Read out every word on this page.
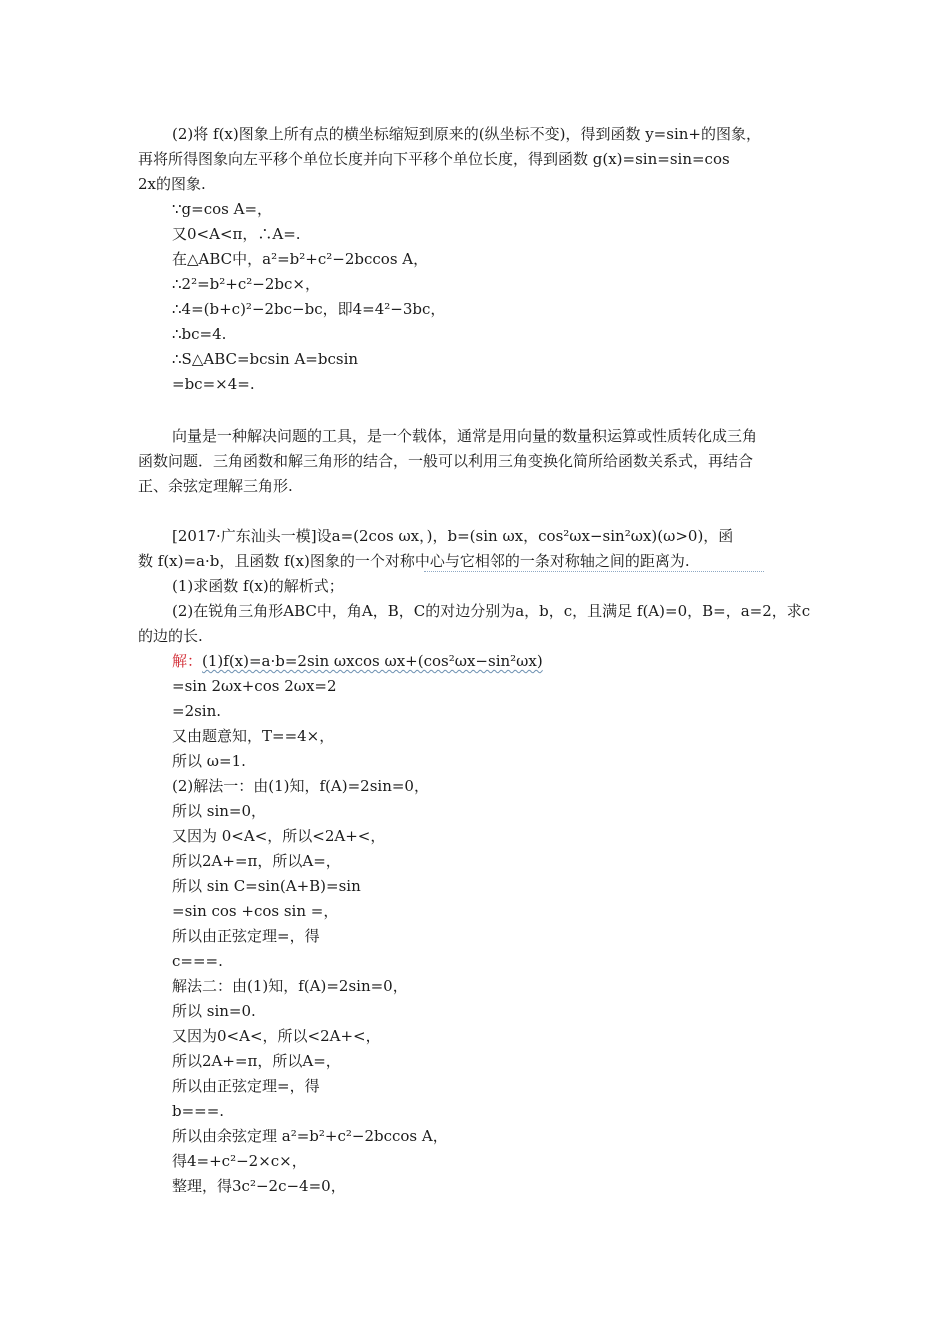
(2)将 f(x)图象上所有点的横坐标缩短到原来的(纵坐标不变)，得到函数 y=sin+的图象，
再将所得图象向左平移个单位长度并向下平移个单位长度，得到函数 g(x)=sin=sin=cos
2x的图象.
∵g=cos A=，
又0<A<π，∴A=.
在△ABC中，a²=b²+c²−2bccos A，
∴2²=b²+c²−2bc×，
∴4=(b+c)²−2bc−bc，即4=4²−3bc，
∴bc=4.
∴S△ABC=bcsin A=bcsin
=bc=×4=.
向量是一种解决问题的工具，是一个载体，通常是用向量的数量积运算或性质转化成三角
函数问题．三角函数和解三角形的结合，一般可以利用三角变换化简所给函数关系式，再结合
正、余弦定理解三角形.
[2017·广东汕头一模]设a=(2cos ωx，)，b=(sin ωx，cos²ωx−sin²ωx)(ω>0)，函
数 f(x)=a·b，且函数 f(x)图象的一个对称中心与它相邻的一条对称轴之间的距离为.
(1)求函数 f(x)的解析式；
(2)在锐角三角形ABC中，角A，B，C的对边分别为a，b，c，且满足 f(A)=0，B=，a=2，求c
的边的长.
解：(1)f(x)=a·b=2sin ωxcos ωx+(cos²ωx−sin²ωx)
=sin 2ωx+cos 2ωx=2
=2sin.
又由题意知，T==4×，
所以 ω=1.
(2)解法一：由(1)知，f(A)=2sin=0，
所以 sin=0，
又因为 0<A<，所以<2A+<，
所以2A+=π，所以A=，
所以 sin C=sin(A+B)=sin
=sin cos +cos sin =，
所以由正弦定理=，得
c===.
解法二：由(1)知，f(A)=2sin=0，
所以 sin=0.
又因为0<A<，所以<2A+<，
所以2A+=π，所以A=，
所以由正弦定理=，得
b===.
所以由余弦定理 a²=b²+c²−2bccos A，
得4=+c²−2×c×，
整理，得3c²−2c−4=0，
